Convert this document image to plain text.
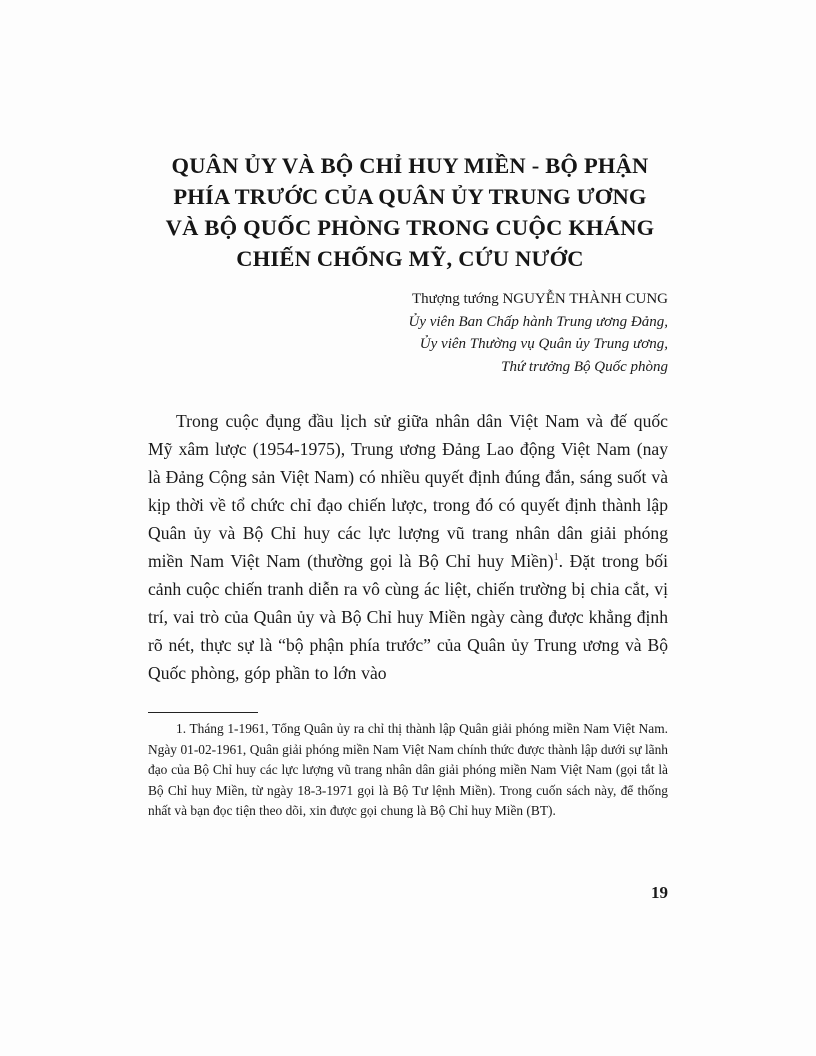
QUÂN ỦY VÀ BỘ CHỈ HUY MIỀN - BỘ PHẬN
PHÍA TRƯỚC CỦA QUÂN ỦY TRUNG ƯƠNG
VÀ BỘ QUỐC PHÒNG TRONG CUỘC KHÁNG
CHIẾN CHỐNG MỸ, CỨU NƯỚC
Thượng tướng NGUYỄN THÀNH CUNG
Ủy viên Ban Chấp hành Trung ương Đảng,
Ủy viên Thường vụ Quân ủy Trung ương,
Thứ trưởng Bộ Quốc phòng

Trong cuộc đụng đầu lịch sử giữa nhân dân Việt Nam và đế quốc Mỹ xâm lược (1954-1975), Trung ương Đảng Lao động Việt Nam (nay là Đảng Cộng sản Việt Nam) có nhiều quyết định đúng đắn, sáng suốt và kịp thời về tổ chức chỉ đạo chiến lược, trong đó có quyết định thành lập Quân ủy và Bộ Chỉ huy các lực lượng vũ trang nhân dân giải phóng miền Nam Việt Nam (thường gọi là Bộ Chỉ huy Miền)$^1$. Đặt trong bối cảnh cuộc chiến tranh diễn ra vô cùng ác liệt, chiến trường bị chia cắt, vị trí, vai trò của Quân ủy và Bộ Chỉ huy Miền ngày càng được khẳng định rõ nét, thực sự là “bộ phận phía trước” của Quân ủy Trung ương và Bộ Quốc phòng, góp phần to lớn vào

1. Tháng 1-1961, Tổng Quân ủy ra chỉ thị thành lập Quân giải phóng miền Nam Việt Nam. Ngày 01-02-1961, Quân giải phóng miền Nam Việt Nam chính thức được thành lập dưới sự lãnh đạo của Bộ Chỉ huy các lực lượng vũ trang nhân dân giải phóng miền Nam Việt Nam (gọi tắt là Bộ Chỉ huy Miền, từ ngày 18-3-1971 gọi là Bộ Tư lệnh Miền). Trong cuốn sách này, để thống nhất và bạn đọc tiện theo dõi, xin được gọi chung là Bộ Chỉ huy Miền (BT).

19
